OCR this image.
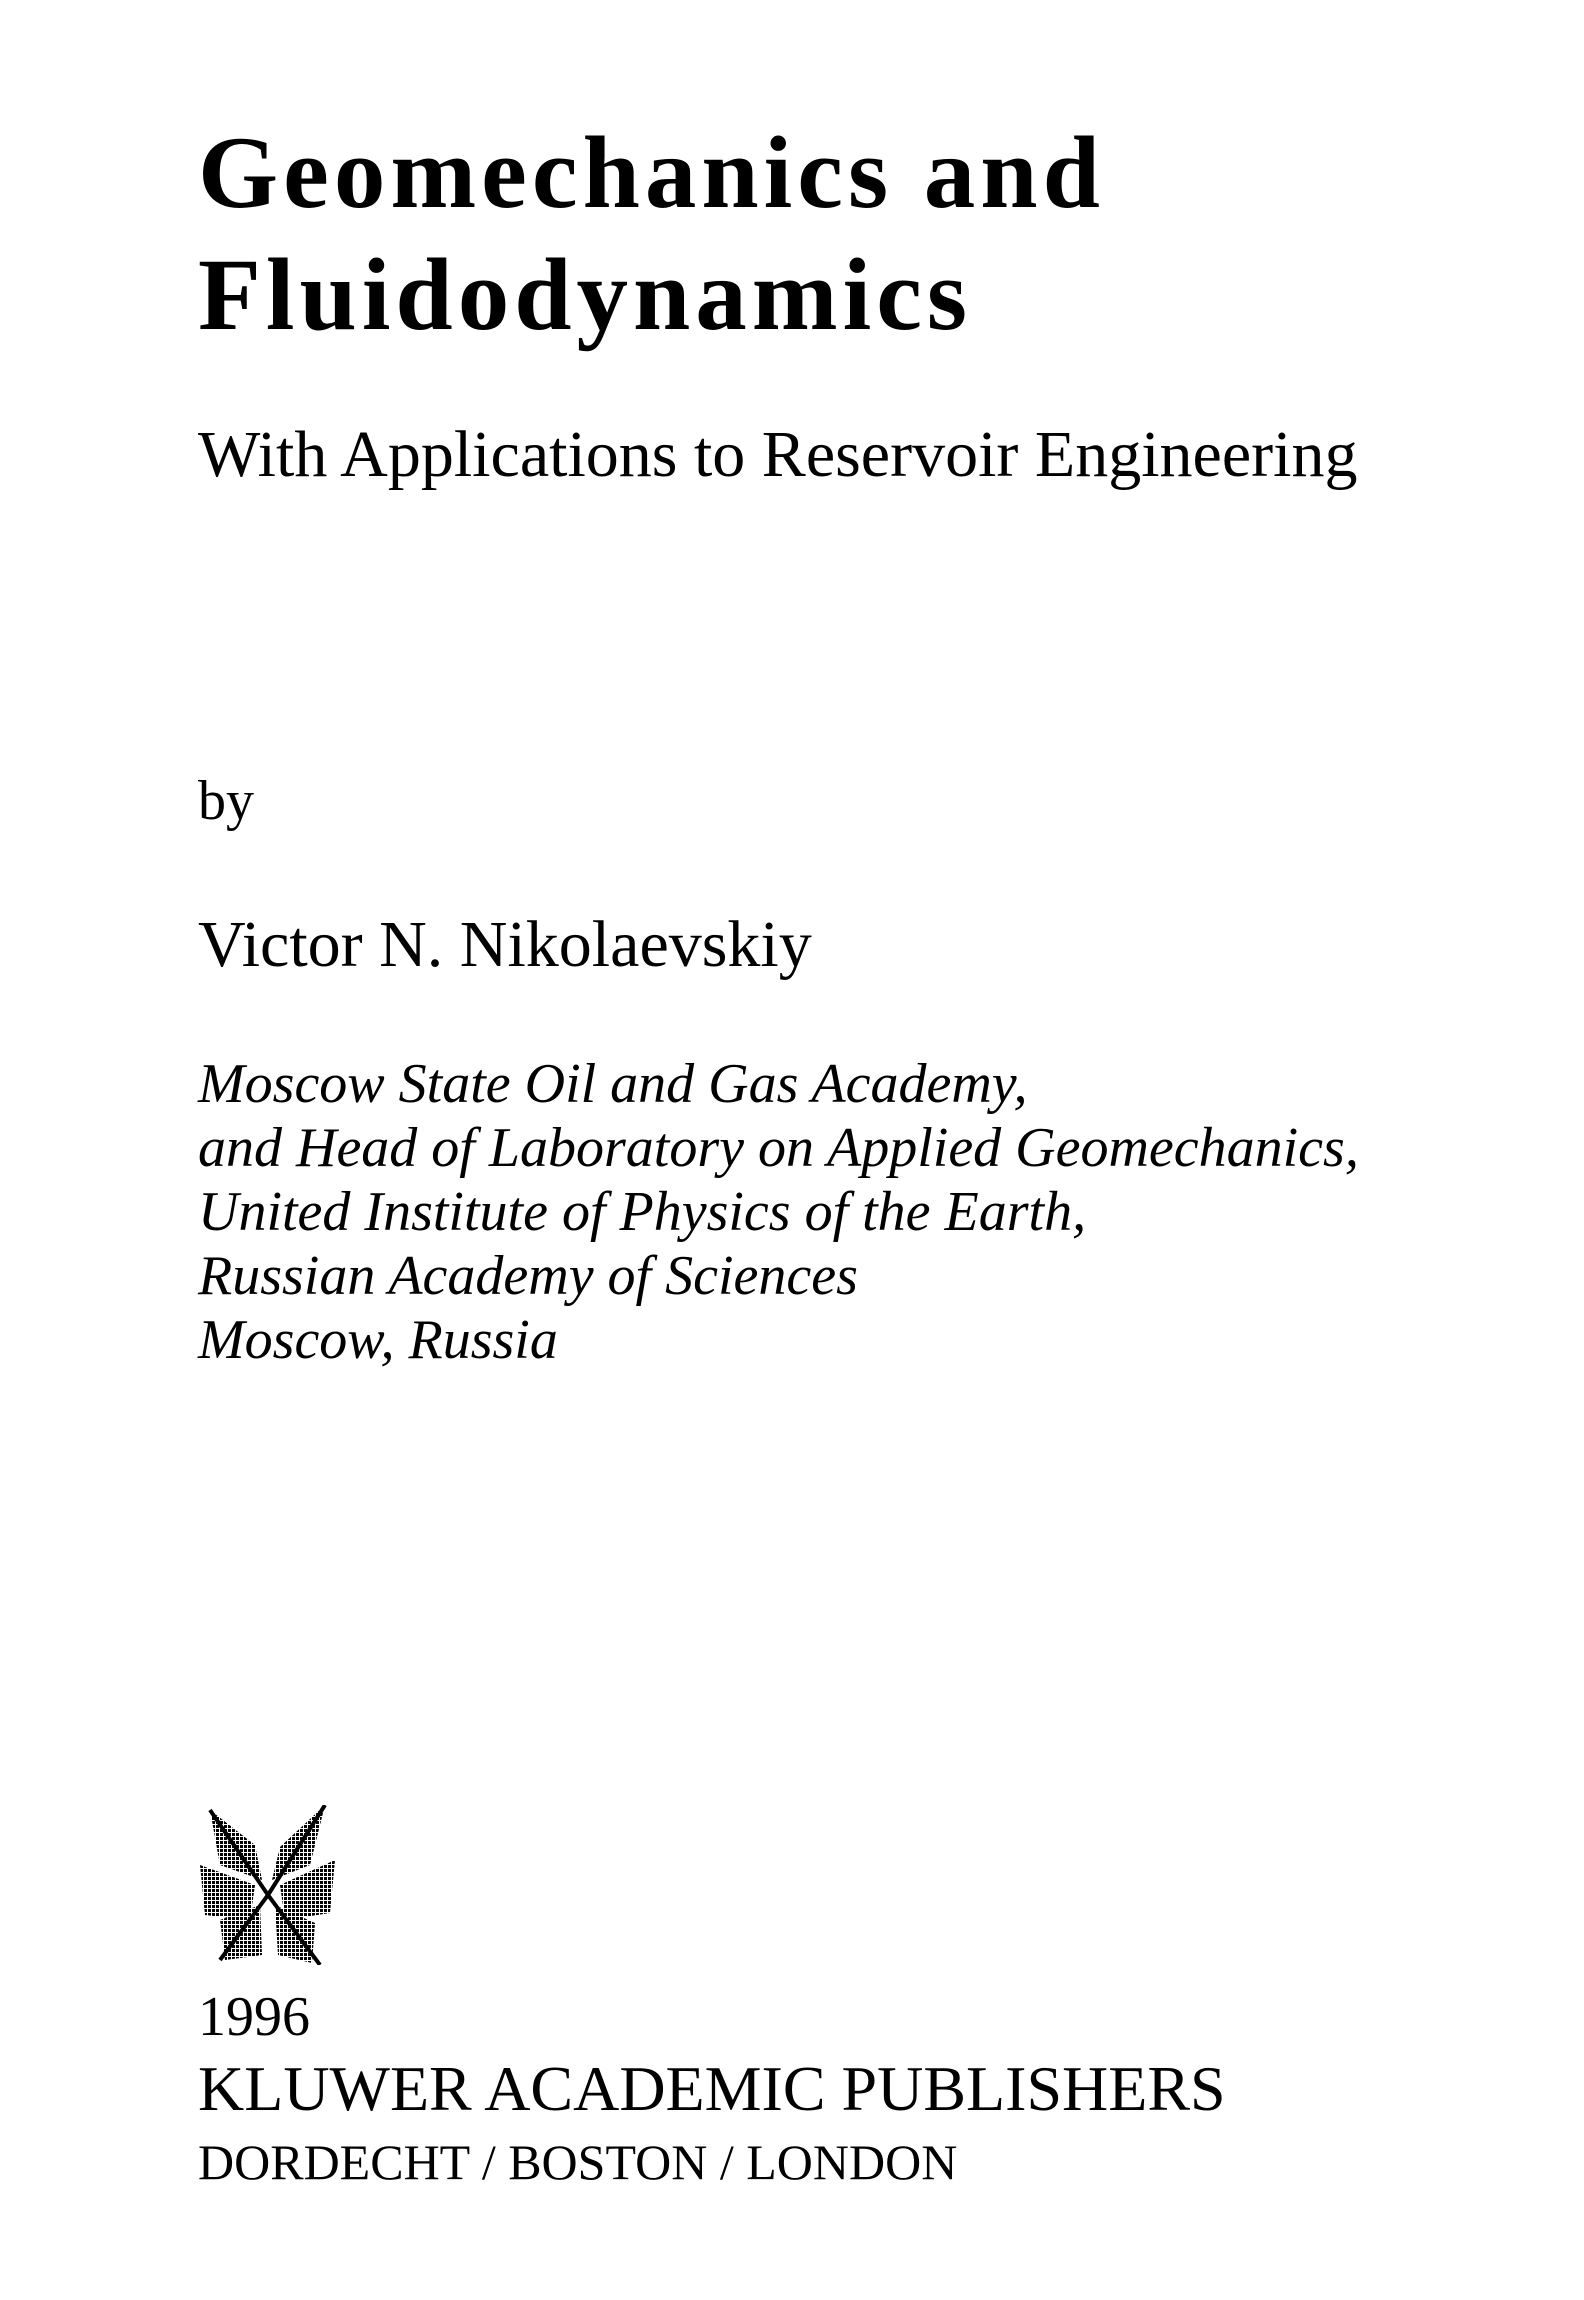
Geomechanics and
Fluidodynamics
With Applications to Reservoir Engineering
by
Victor N. Nikolaevskiy
Moscow State Oil and Gas Academy,
and Head of Laboratory on Applied Geomechanics,
United Institute of Physics of the Earth,
Russian Academy of Sciences
Moscow, Russia
1996
KLUWER ACADEMIC PUBLISHERS
DORDECHT / BOSTON / LONDON
